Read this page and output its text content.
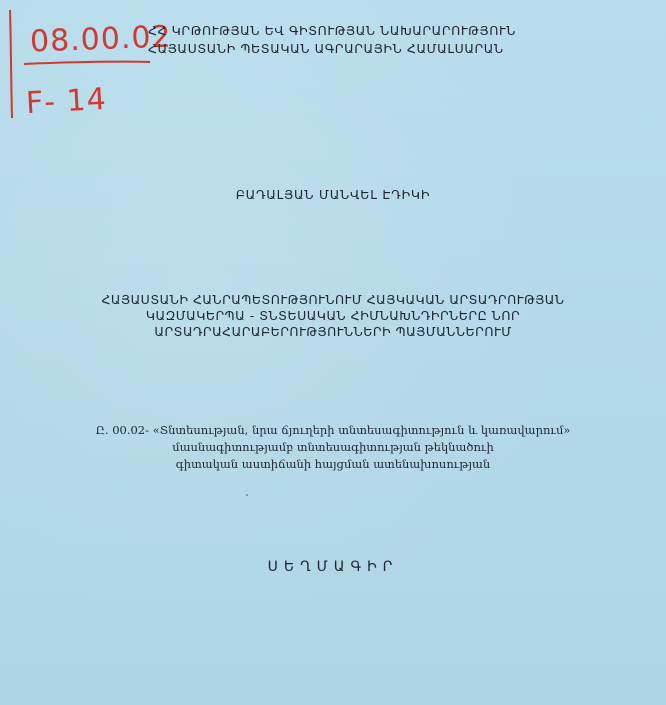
08.00.02
F- 14
ՀՀ ԿՐԹՈՒԹՅԱՆ ԵՎ ԳԻՏՈՒԹՅԱՆ ՆԱԽԱՐԱՐՈՒԹՅՈՒՆ
ՀԱՅԱՍՏԱՆԻ ՊԵՏԱԿԱՆ ԱԳՐԱՐԱՅԻՆ ՀԱՄԱԼՍԱՐԱՆ
ԲԱԴԱԼՅԱՆ ՄԱՆՎԵԼ ԷԴԻԿԻ
ՀԱՅԱՍՏԱՆԻ ՀԱՆՐԱՊԵՏՈՒԹՅՈՒՆՈՒՄ ՀԱՅԿԱԿԱՆ ԱՐՏԱԴՐՈՒԹՅԱՆ
ԿԱԶՄԱԿԵՐՊԱ - ՏՆՏԵՍԱԿԱՆ ՀԻՄՆԱԽՆԴԻՐՆԵՐԸ ՆՈՐ
ԱՐՏԱԴՐԱՀԱՐԱԲԵՐՈՒԹՅՈՒՆՆԵՐԻ ՊԱՅՄԱՆՆԵՐՈՒՄ
Ը. 00.02- «Տնտեսության, նրա ճյուղերի տնտեսագիտություն և կառավարում»
մասնագիտությամբ տնտեսագիտության թեկնածուի
գիտական աստիճանի հայցման ատենախոսության
ՍԵՂՄԱԳԻՐ
